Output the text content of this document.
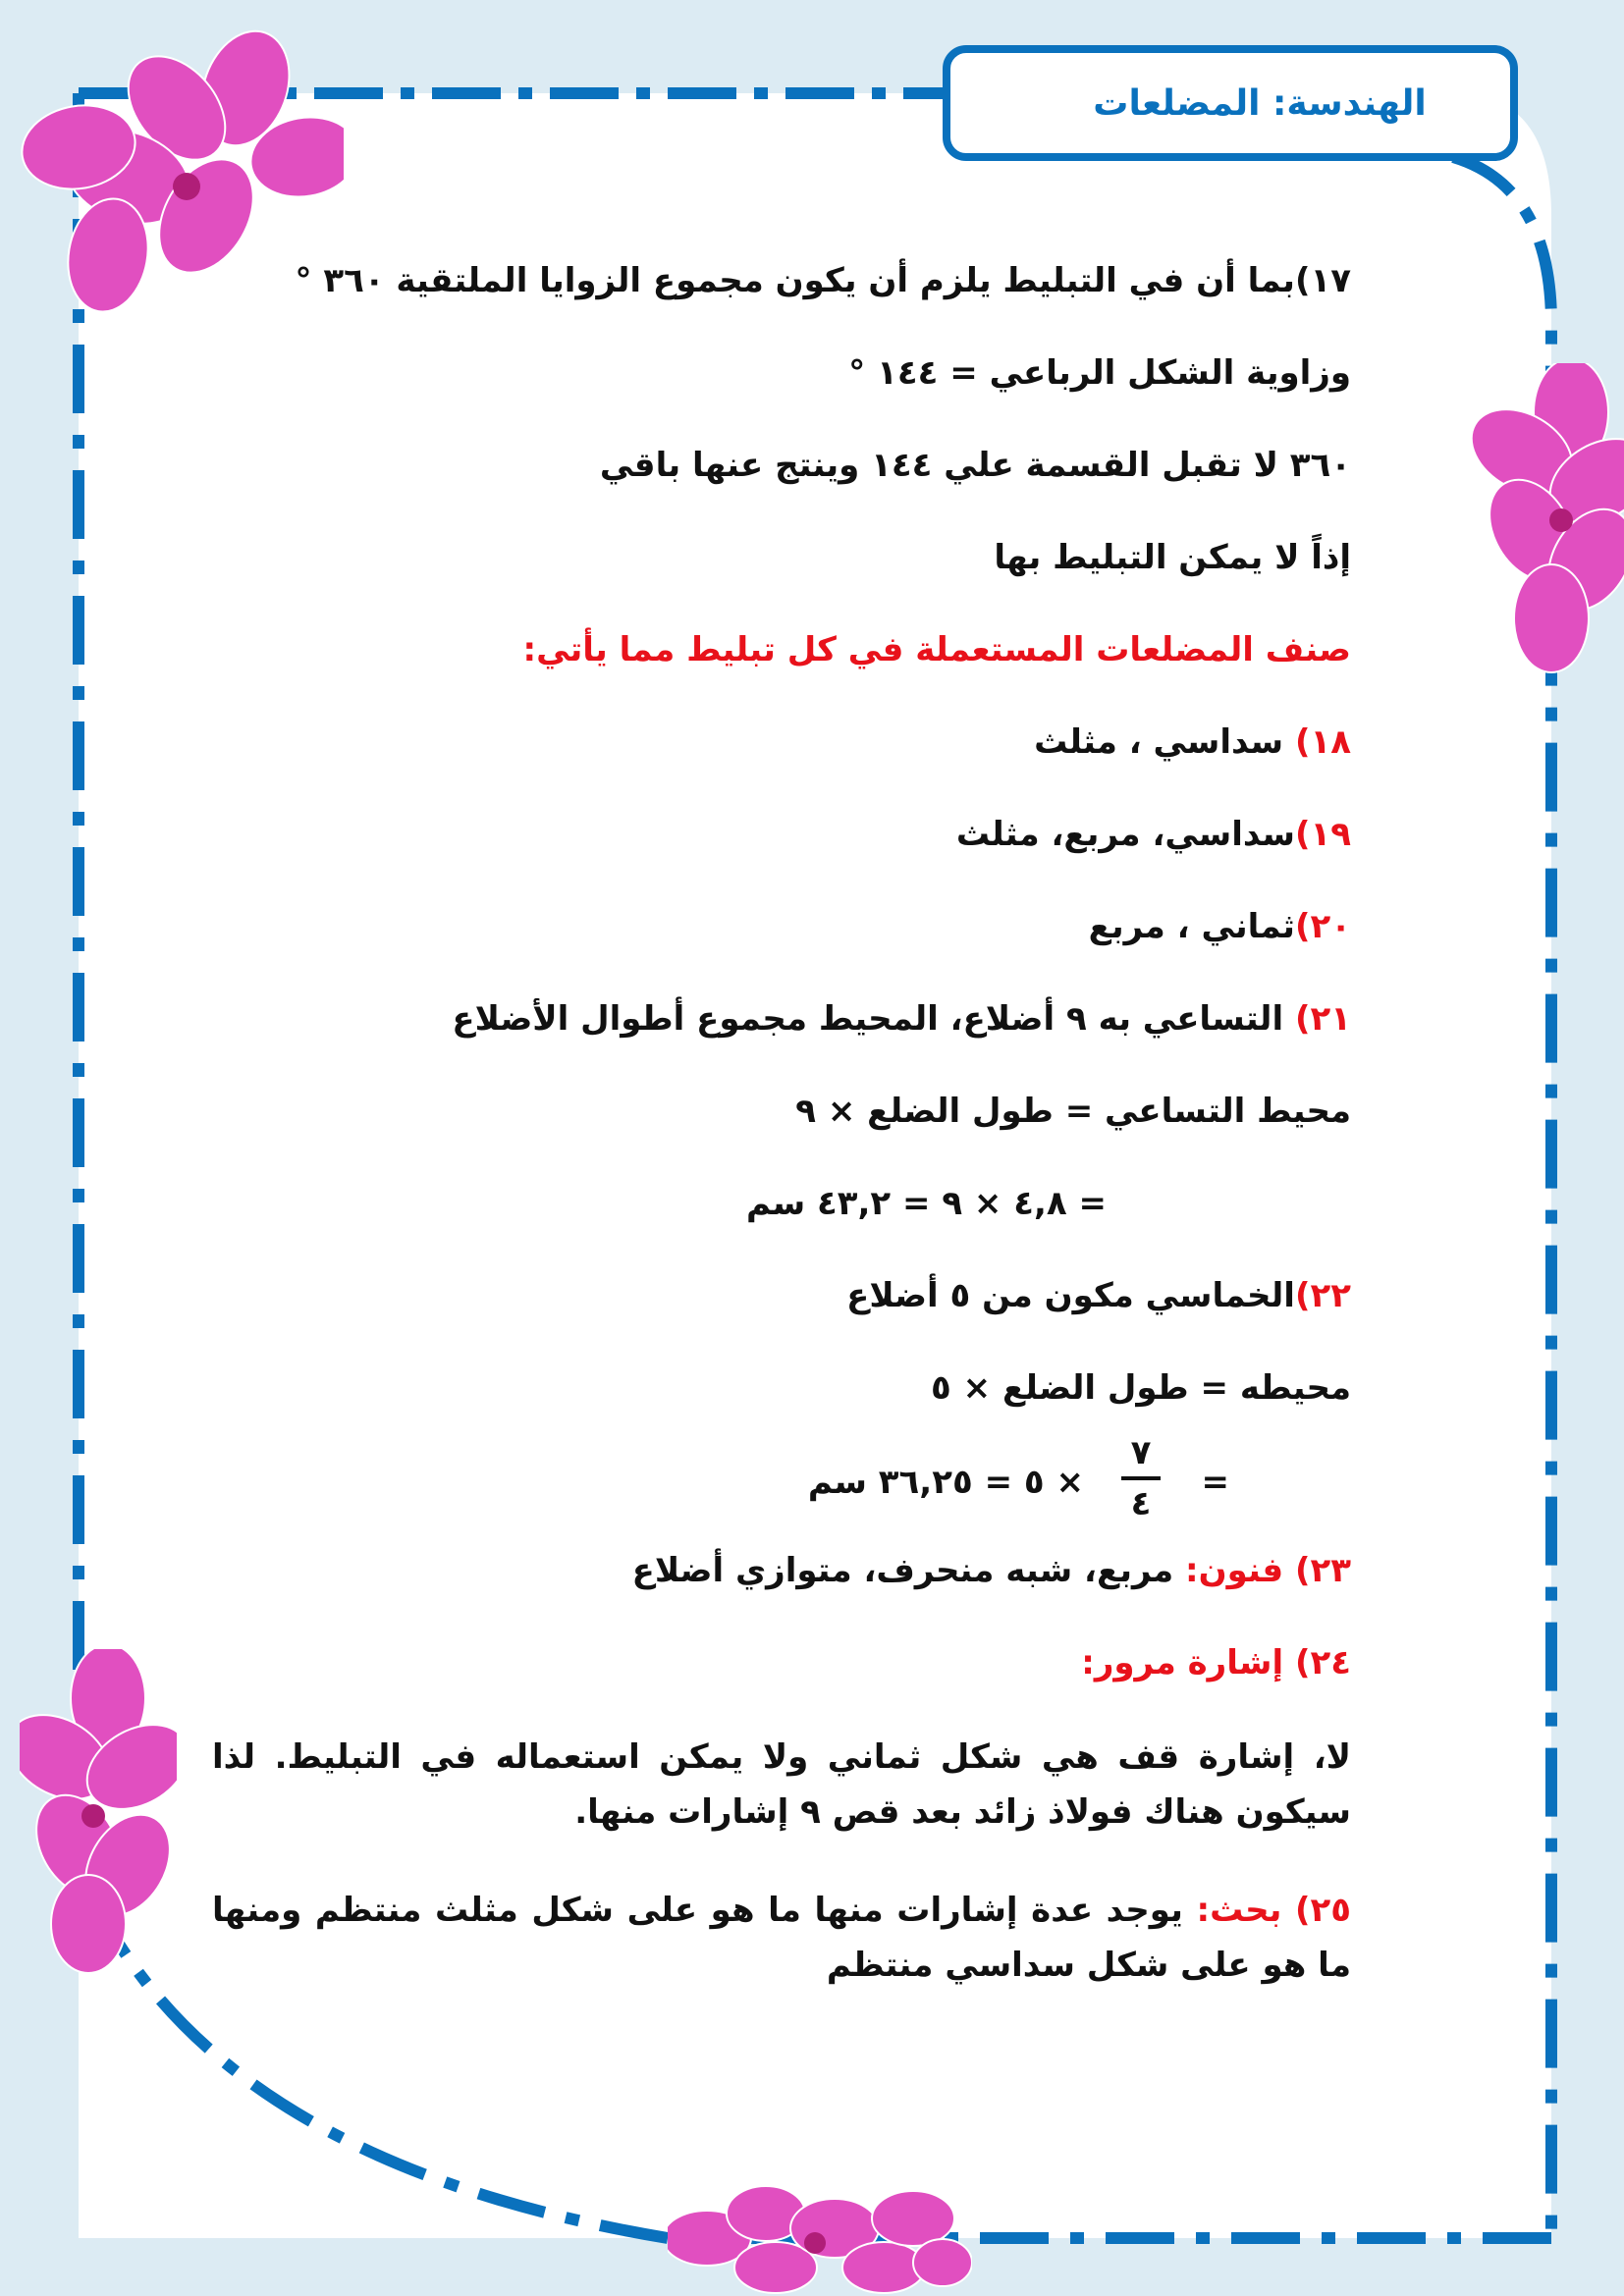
الهندسة: المضلعات
١٧)بما أن في التبليط يلزم أن يكون مجموع الزوايا الملتقية ٣٦٠ °
وزاوية الشكل الرباعي = ١٤٤ °
٣٦٠ لا تقبل القسمة علي ١٤٤ وينتج عنها باقي
إذاً لا يمكن التبليط بها
صنف المضلعات المستعملة في كل تبليط مما يأتي:
١٨) سداسي ، مثلث
١٩)سداسي، مربع، مثلث
٢٠)ثماني ، مربع
٢١) التساعي به ٩ أضلاع، المحيط مجموع أطوال الأضلاع
محيط التساعي = طول الضلع × ٩
= ٤,٨ × ٩ = ٤٣,٢ سم
٢٢)الخماسي مكون من ٥ أضلاع
محيطه = طول الضلع × ٥
=
٧
٤
× ٥ = ٣٦,٢٥ سم
٢٣) فنون: مربع، شبه منحرف، متوازي أضلاع
٢٤) إشارة مرور:
لا، إشارة قف هي شكل ثماني ولا يمكن استعماله في التبليط. لذا سيكون هناك فولاذ زائد بعد قص ٩ إشارات منها.
٢٥) بحث: يوجد عدة إشارات منها ما هو على شكل مثلث منتظم ومنها ما هو على شكل سداسي منتظم
